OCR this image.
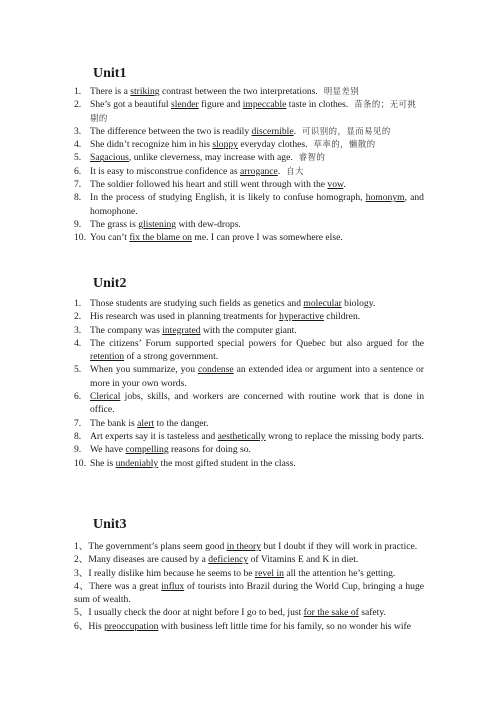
Unit1
1. There is a striking contrast between the two interpretations. 明显差别
2. She’s got a beautiful slender figure and impeccable taste in clothes. 苗条的；无可挑剔的
3. The difference between the two is readily discernible. 可识别的，显而易见的
4. She didn’t recognize him in his sloppy everyday clothes. 草率的，懒散的
5. Sagacious, unlike cleverness, may increase with age. 睿智的
6. It is easy to misconstrue confidence as arrogance. 自大
7. The soldier followed his heart and still went through with the vow.
8. In the process of studying English, it is likely to confuse homograph, homonym, and homophone.
9. The grass is glistening with dew-drops.
10. You can’t fix the blame on me. I can prove I was somewhere else.
Unit2
1. Those students are studying such fields as genetics and molecular biology.
2. His research was used in planning treatments for hyperactive children.
3. The company was integrated with the computer giant.
4. The citizens’ Forum supported special powers for Quebec but also argued for the retention of a strong government.
5. When you summarize, you condense an extended idea or argument into a sentence or more in your own words.
6. Clerical jobs, skills, and workers are concerned with routine work that is done in office.
7. The bank is alert to the danger.
8. Art experts say it is tasteless and aesthetically wrong to replace the missing body parts.
9. We have compelling reasons for doing so.
10. She is undeniably the most gifted student in the class.
Unit3
1、The government’s plans seem good in theory but I doubt if they will work in practice.
2、Many diseases are caused by a deficiency of Vitamins E and K in diet.
3、I really dislike him because he seems to be revel in all the attention he’s getting.
4、There was a great influx of tourists into Brazil during the World Cup, bringing a huge sum of wealth.
5、I usually check the door at night before I go to bed, just for the sake of safety.
6、His preoccupation with business left little time for his family, so no wonder his wife
